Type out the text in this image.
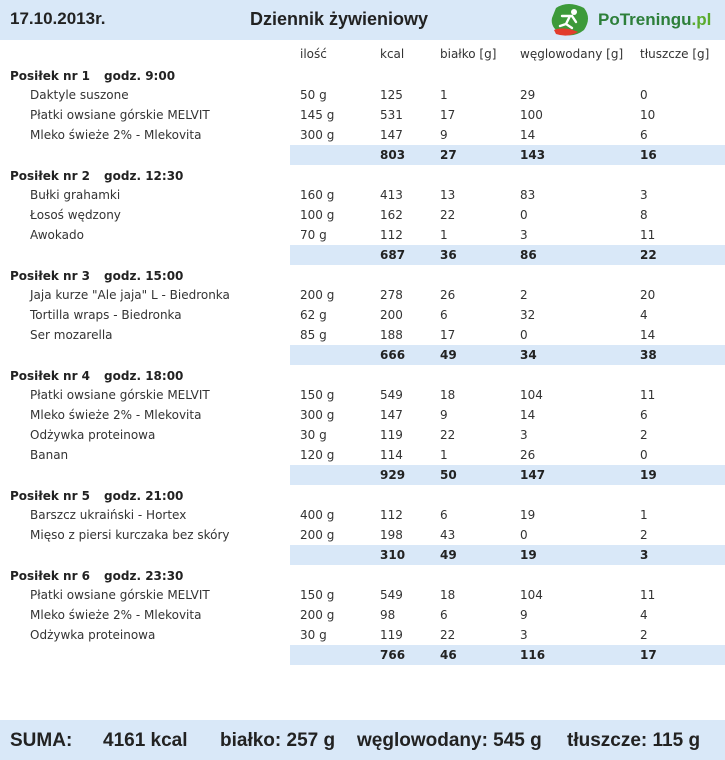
17.10.2013r.	Dziennik żywieniowy	PoTreningu.pl
ilość	kcal	białko [g] węglowodany [g] tłuszcze [g]
Posiłek nr 1 godz. 9:00
Daktyle suszone	50 g	125	1	29	0
Płatki owsiane górskie MELVIT	145 g	531	17	100	10
Mleko świeże 2% - Mlekovita	300 g	147	9	14	6
803	27	143	16
Posiłek nr 2 godz. 12:30
Bułki grahamki	160 g	413	13	83	3
Łosoś wędzony	100 g	162	22	0	8
Awokado	70 g	112	1	3	11
687	36	86	22
Posiłek nr 3 godz. 15:00
Jaja kurze "Ale jaja" L - Biedronka	200 g	278	26	2	20
Tortilla wraps - Biedronka	62 g	200	6	32	4
Ser mozarella	85 g	188	17	0	14
666	49	34	38
Posiłek nr 4 godz. 18:00
Płatki owsiane górskie MELVIT	150 g	549	18	104	11
Mleko świeże 2% - Mlekovita	300 g	147	9	14	6
Odżywka proteinowa	30 g	119	22	3	2
Banan	120 g	114	1	26	0
929	50	147	19
Posiłek nr 5 godz. 21:00
Barszcz ukraiński - Hortex	400 g	112	6	19	1
Mięso z piersi kurczaka bez skóry	200 g	198	43	0	2
310	49	19	3
Posiłek nr 6 godz. 23:30
Płatki owsiane górskie MELVIT	150 g	549	18	104	11
Mleko świeże 2% - Mlekovita	200 g	98	6	9	4
Odżywka proteinowa	30 g	119	22	3	2
766	46	116	17
SUMA: 4161 kcal białko: 257 g węglowodany: 545 g tłuszcze: 115 g
